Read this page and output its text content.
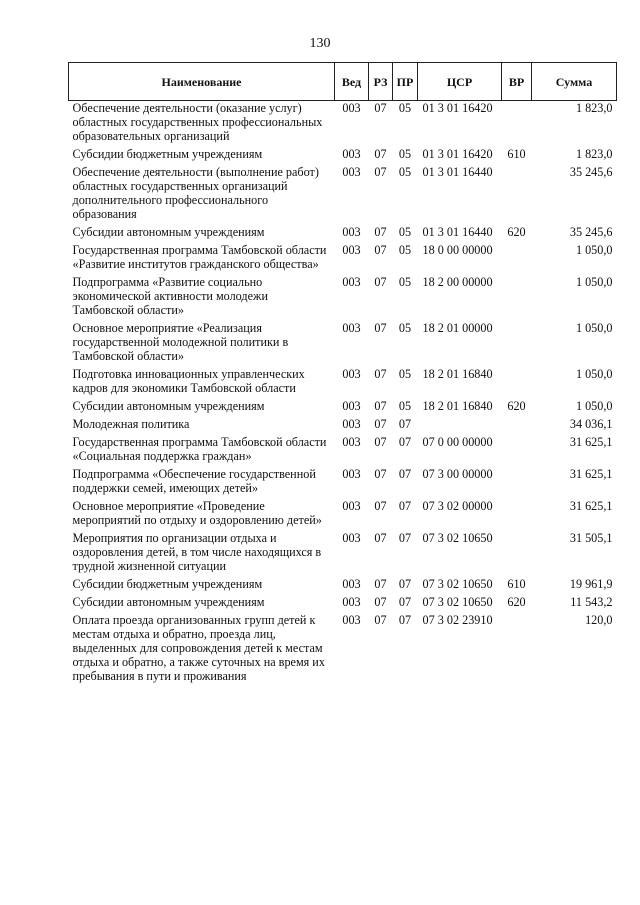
130
Наименование	Вед	РЗ	ПР	ЦСР	ВР	Сумма
Обеспечение деятельности (оказание услуг) областных государственных профессиональных образовательных организаций	003	07	05	01 3 01 16420		1 823,0
Субсидии бюджетным учреждениям	003	07	05	01 3 01 16420	610	1 823,0
Обеспечение деятельности (выполнение работ) областных государственных организаций дополнительного профессионального образования	003	07	05	01 3 01 16440		35 245,6
Субсидии автономным учреждениям	003	07	05	01 3 01 16440	620	35 245,6
Государственная программа Тамбовской области «Развитие институтов гражданского общества»	003	07	05	18 0 00 00000		1 050,0
Подпрограмма «Развитие социально экономической активности молодежи Тамбовской области»	003	07	05	18 2 00 00000		1 050,0
Основное мероприятие «Реализация государственной молодежной политики в Тамбовской области»	003	07	05	18 2 01 00000		1 050,0
Подготовка инновационных управленческих кадров для экономики Тамбовской области	003	07	05	18 2 01 16840		1 050,0
Субсидии автономным учреждениям	003	07	05	18 2 01 16840	620	1 050,0
Молодежная политика	003	07	07			34 036,1
Государственная программа Тамбовской области «Социальная поддержка граждан»	003	07	07	07 0 00 00000		31 625,1
Подпрограмма «Обеспечение государственной поддержки семей, имеющих детей»	003	07	07	07 3 00 00000		31 625,1
Основное мероприятие «Проведение мероприятий по отдыху и оздоровлению детей»	003	07	07	07 3 02 00000		31 625,1
Мероприятия по организации отдыха и оздоровления детей, в том числе находящихся в трудной жизненной ситуации	003	07	07	07 3 02 10650		31 505,1
Субсидии бюджетным учреждениям	003	07	07	07 3 02 10650	610	19 961,9
Субсидии автономным учреждениям	003	07	07	07 3 02 10650	620	11 543,2
Оплата проезда организованных групп детей к местам отдыха и обратно, проезда лиц, выделенных для сопровождения детей к местам отдыха и обратно, а также суточных на время их пребывания в пути и проживания	003	07	07	07 3 02 23910		120,0
